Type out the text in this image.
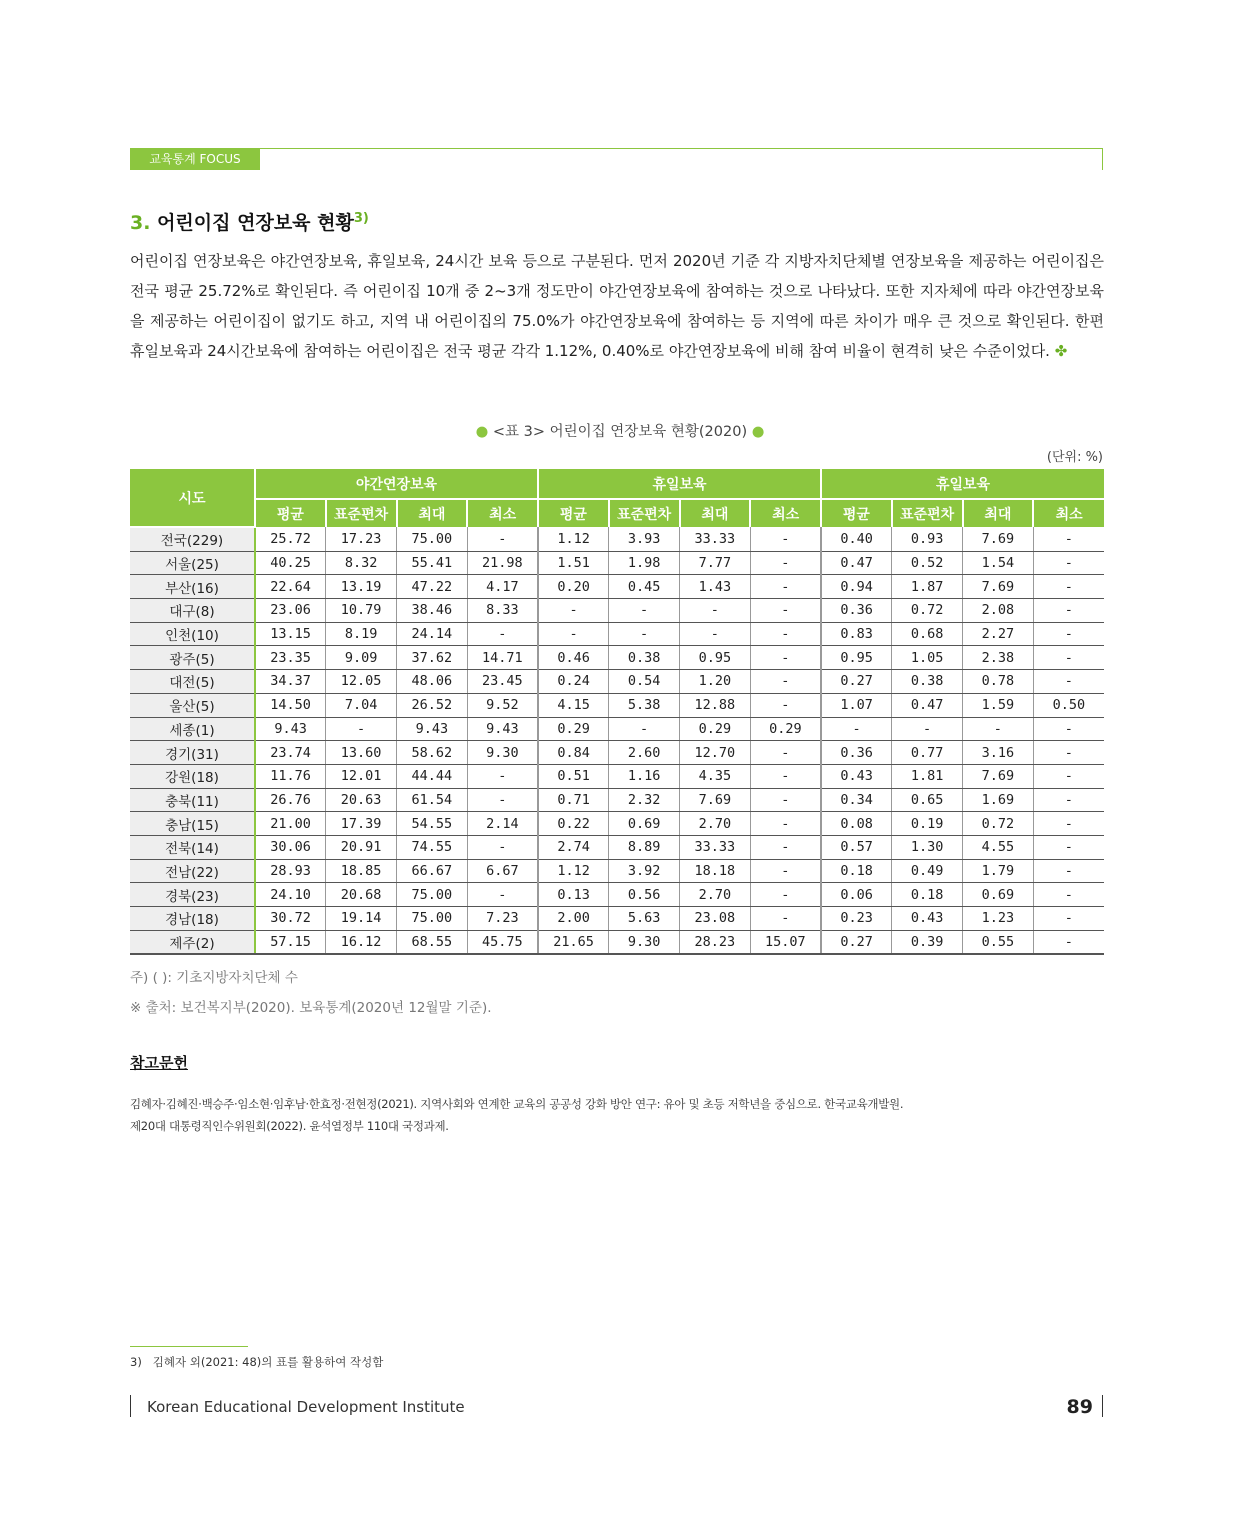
교육통계 FOCUS
3. 어린이집 연장보육 현황$^{3)}$

어린이집 연장보육은 야간연장보육, 휴일보육, 24시간 보육 등으로 구분된다. 먼저 2020년 기준 각 지방자치단체별 연장보육을 제공하는 어린이집은 전국 평균 25.72%로 확인된다. 즉 어린이집 10개 중 2~3개 정도만이 야간연장보육에 참여하는 것으로 나타났다. 또한 지자체에 따라 야간연장보육을 제공하는 어린이집이 없기도 하고, 지역 내 어린이집의 75.0%가 야간연장보육에 참여하는 등 지역에 따른 차이가 매우 큰 것으로 확인된다. 한편 휴일보육과 24시간보육에 참여하는 어린이집은 전국 평균 각각 1.12%, 0.40%로 야간연장보육에 비해 참여 비율이 현격히 낮은 수준이었다. ✤

● <표 3> 어린이집 연장보육 현황(2020) ●
(단위: %)
시도	야간연장보육				휴일보육				휴일보육			
	평균	표준편차	최대	최소	평균	표준편차	최대	최소	평균	표준편차	최대	최소
전국(229)	25.72	17.23	75.00	-	1.12	3.93	33.33	-	0.40	0.93	7.69	-
서울(25)	40.25	8.32	55.41	21.98	1.51	1.98	7.77	-	0.47	0.52	1.54	-
부산(16)	22.64	13.19	47.22	4.17	0.20	0.45	1.43	-	0.94	1.87	7.69	-
대구(8)	23.06	10.79	38.46	8.33	-	-	-	-	0.36	0.72	2.08	-
인천(10)	13.15	8.19	24.14	-	-	-	-	-	0.83	0.68	2.27	-
광주(5)	23.35	9.09	37.62	14.71	0.46	0.38	0.95	-	0.95	1.05	2.38	-
대전(5)	34.37	12.05	48.06	23.45	0.24	0.54	1.20	-	0.27	0.38	0.78	-
울산(5)	14.50	7.04	26.52	9.52	4.15	5.38	12.88	-	1.07	0.47	1.59	0.50
세종(1)	9.43	-	9.43	9.43	0.29	-	0.29	0.29	-	-	-	-
경기(31)	23.74	13.60	58.62	9.30	0.84	2.60	12.70	-	0.36	0.77	3.16	-
강원(18)	11.76	12.01	44.44	-	0.51	1.16	4.35	-	0.43	1.81	7.69	-
충북(11)	26.76	20.63	61.54	-	0.71	2.32	7.69	-	0.34	0.65	1.69	-
충남(15)	21.00	17.39	54.55	2.14	0.22	0.69	2.70	-	0.08	0.19	0.72	-
전북(14)	30.06	20.91	74.55	-	2.74	8.89	33.33	-	0.57	1.30	4.55	-
전남(22)	28.93	18.85	66.67	6.67	1.12	3.92	18.18	-	0.18	0.49	1.79	-
경북(23)	24.10	20.68	75.00	-	0.13	0.56	2.70	-	0.06	0.18	0.69	-
경남(18)	30.72	19.14	75.00	7.23	2.00	5.63	23.08	-	0.23	0.43	1.23	-
제주(2)	57.15	16.12	68.55	45.75	21.65	9.30	28.23	15.07	0.27	0.39	0.55	-
주) ( ): 기초지방자치단체 수
※ 출처: 보건복지부(2020). 보육통계(2020년 12월말 기준).
참고문헌
김혜자·김혜진·백승주·임소현·임후남·한효정·전현정(2021). 지역사회와 연계한 교육의 공공성 강화 방안 연구: 유아 및 초등 저학년을 중심으로. 한국교육개발원.
제20대 대통령직인수위원회(2022). 윤석열정부 110대 국정과제.
3)   김혜자 외(2021: 48)의 표를 활용하여 작성함
Korean Educational Development Institute	89
